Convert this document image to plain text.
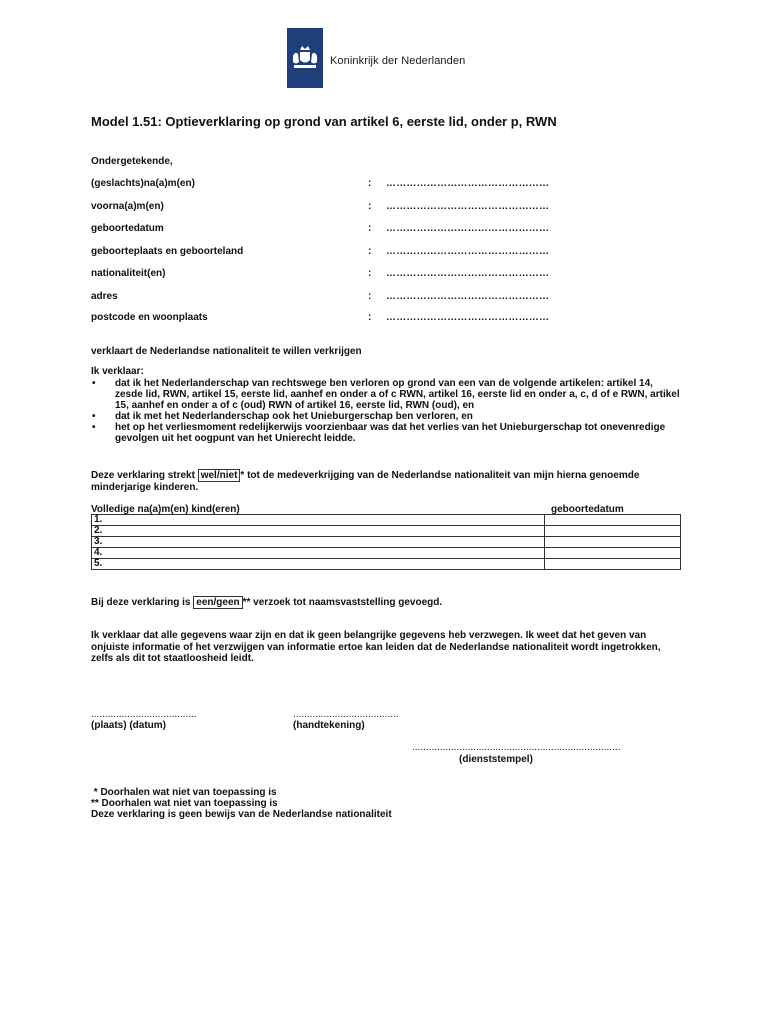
Koninkrijk der Nederlanden
Model 1.51: Optieverklaring op grond van artikel 6, eerste lid, onder p, RWN
Ondergetekende,
(geslachts)na(a)m(en)	: …………………………………………
voorna(a)m(en)	: …………………………………………
geboortedatum	: …………………………………………
geboorteplaats en geboorteland	: …………………………………………
nationaliteit(en)	: …………………………………………
adres	: …………………………………………
postcode en woonplaats	: …………………………………………
verklaart de Nederlandse nationaliteit te willen verkrijgen
Ik verklaar:
• dat ik het Nederlanderschap van rechtswege ben verloren op grond van een van de volgende artikelen: artikel 14, zesde lid, RWN, artikel 15, eerste lid, aanhef en onder a of c RWN, artikel 16, eerste lid en onder a, c, d of e RWN, artikel 15, aanhef en onder a of c (oud) RWN of artikel 16, eerste lid, RWN (oud), en
• dat ik met het Nederlanderschap ook het Unieburgerschap ben verloren, en
• het op het verliesmoment redelijkerwijs voorzienbaar was dat het verlies van het Unieburgerschap tot onevenredige gevolgen uit het oogpunt van het Unierecht leidde.
Deze verklaring strekt wel/niet * tot de medeverkrijging van de Nederlandse nationaliteit van mijn hierna genoemde minderjarige kinderen.
Volledige na(a)m(en) kind(eren)	geboortedatum
1.	
2.	
3.	
4.	
5.	
Bij deze verklaring is een/geen ** verzoek tot naamsvaststelling gevoegd.
Ik verklaar dat alle gegevens waar zijn en dat ik geen belangrijke gegevens heb verzwegen. Ik weet dat het geven van onjuiste informatie of het verzwijgen van informatie ertoe kan leiden dat de Nederlandse nationaliteit wordt ingetrokken, zelfs als dit tot staatloosheid leidt.
......................................
(plaats) (datum)
......................................
(handtekening)
...........................................................................
(dienststempel)
* Doorhalen wat niet van toepassing is
** Doorhalen wat niet van toepassing is
Deze verklaring is geen bewijs van de Nederlandse nationaliteit
